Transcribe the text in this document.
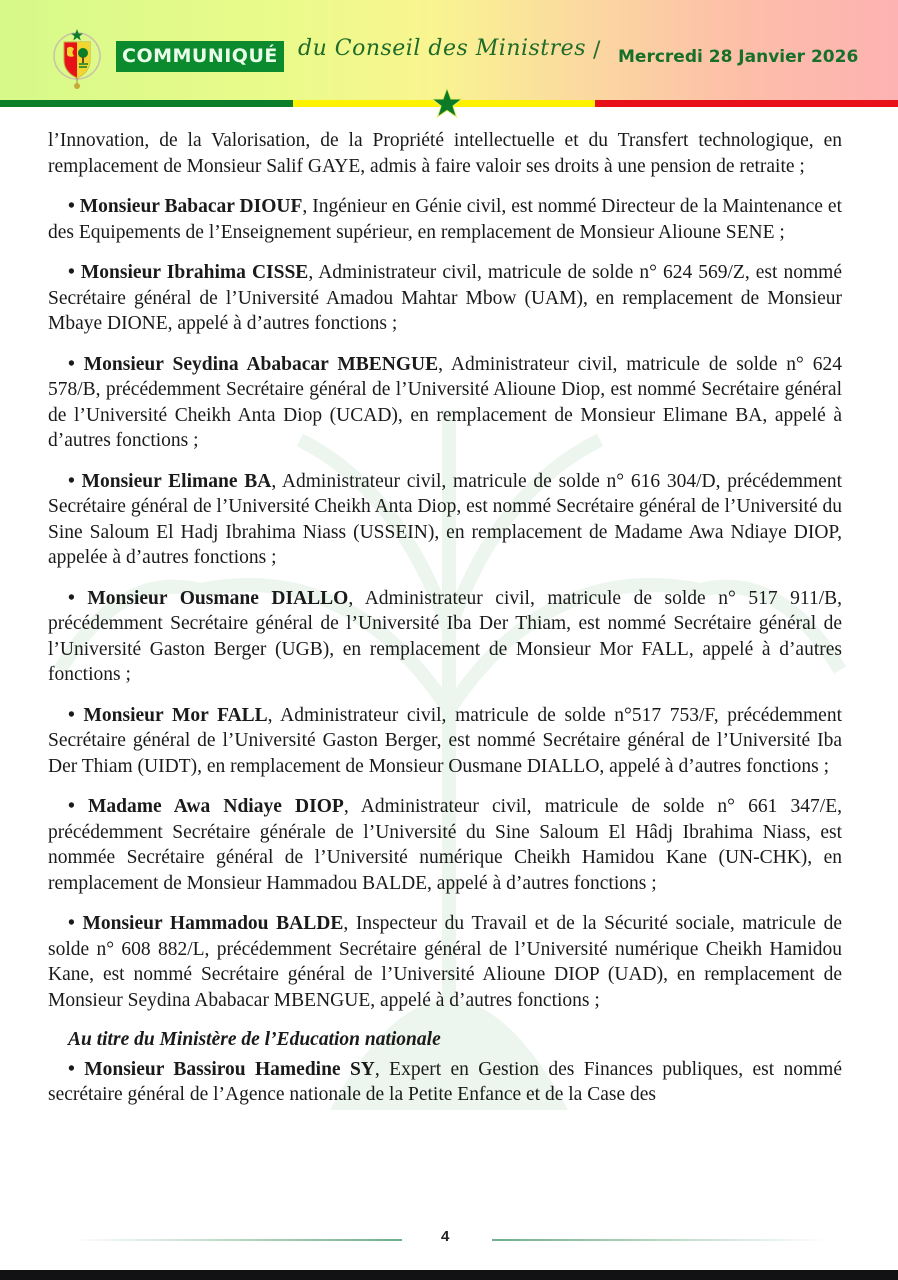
COMMUNIQUÉ du Conseil des Ministres / Mercredi 28 Janvier 2026

l’Innovation, de la Valorisation, de la Propriété intellectuelle et du Transfert technologique, en remplacement de Monsieur Salif GAYE, admis à faire valoir ses droits à une pension de retraite ;

• Monsieur Babacar DIOUF, Ingénieur en Génie civil, est nommé Directeur de la Maintenance et des Equipements de l’Enseignement supérieur, en remplacement de Monsieur Alioune SENE ;

• Monsieur Ibrahima CISSE, Administrateur civil, matricule de solde n° 624 569/Z, est nommé Secrétaire général de l’Université Amadou Mahtar Mbow (UAM), en remplacement de Monsieur Mbaye DIONE, appelé à d’autres fonctions ;

• Monsieur Seydina Ababacar MBENGUE, Administrateur civil, matricule de solde n° 624 578/B, précédemment Secrétaire général de l’Université Alioune Diop, est nommé Secrétaire général de l’Université Cheikh Anta Diop (UCAD), en remplacement de Monsieur Elimane BA, appelé à d’autres fonctions ;

• Monsieur Elimane BA, Administrateur civil, matricule de solde n° 616 304/D, précédemment Secrétaire général de l’Université Cheikh Anta Diop, est nommé Secrétaire général de l’Université du Sine Saloum El Hadj Ibrahima Niass (USSEIN), en remplacement de Madame Awa Ndiaye DIOP, appelée à d’autres fonctions ;

• Monsieur Ousmane DIALLO, Administrateur civil, matricule de solde n° 517 911/B, précédemment Secrétaire général de l’Université Iba Der Thiam, est nommé Secrétaire général de l’Université Gaston Berger (UGB), en remplacement de Monsieur Mor FALL, appelé à d’autres fonctions ;

• Monsieur Mor FALL, Administrateur civil, matricule de solde n°517 753/F, précédemment Secrétaire général de l’Université Gaston Berger, est nommé Secrétaire général de l’Université Iba Der Thiam (UIDT), en remplacement de Monsieur Ousmane DIALLO, appelé à d’autres fonctions ;

• Madame Awa Ndiaye DIOP, Administrateur civil, matricule de solde n° 661 347/E, précédemment Secrétaire générale de l’Université du Sine Saloum El Hâdj Ibrahima Niass, est nommée Secrétaire général de l’Université numérique Cheikh Hamidou Kane (UN-CHK), en remplacement de Monsieur Hammadou BALDE, appelé à d’autres fonctions ;

• Monsieur Hammadou BALDE, Inspecteur du Travail et de la Sécurité sociale, matricule de solde n° 608 882/L, précédemment Secrétaire général de l’Université numérique Cheikh Hamidou Kane, est nommé Secrétaire général de l’Université Alioune DIOP (UAD), en remplacement de Monsieur Seydina Ababacar MBENGUE, appelé à d’autres fonctions ;

Au titre du Ministère de l’Education nationale

• Monsieur Bassirou Hamedine SY, Expert en Gestion des Finances publiques, est nommé secrétaire général de l’Agence nationale de la Petite Enfance et de la Case des

4
